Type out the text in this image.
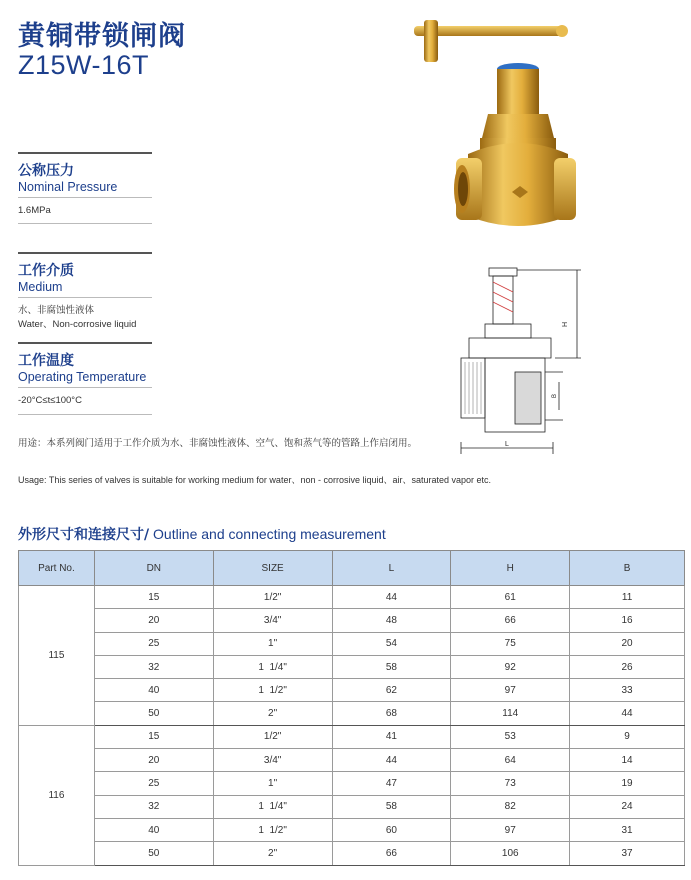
黄铜带锁闸阀
Z15W-16T
公称压力
Nominal Pressure
1.6MPa
工作介质
Medium
水、非腐蚀性液体
Water、Non-corrosive liquid
工作温度
Operating Temperature
-20°C≤t≤100°C
用途：本系列阀门适用于工作介质为水、非腐蚀性液体、空气、饱和蒸气等的管路上作启闭用。
Usage: This series of valves is suitable for working medium for water、non - corrosive liquid、air、saturated vapor etc.
外形尺寸和连接尺寸/ Outline and connecting measurement
L
H
B
Part No.	DN	SIZE	L	H	B
115	15	1/2"	44	61	11
	20	3/4"	48	66	16
	25	1"	54	75	20
	32	1  1/4"	58	92	26
	40	1  1/2"	62	97	33
	50	2"	68	114	44
116	15	1/2"	41	53	9
	20	3/4"	44	64	14
	25	1"	47	73	19
	32	1  1/4"	58	82	24
	40	1  1/2"	60	97	31
	50	2"	66	106	37
